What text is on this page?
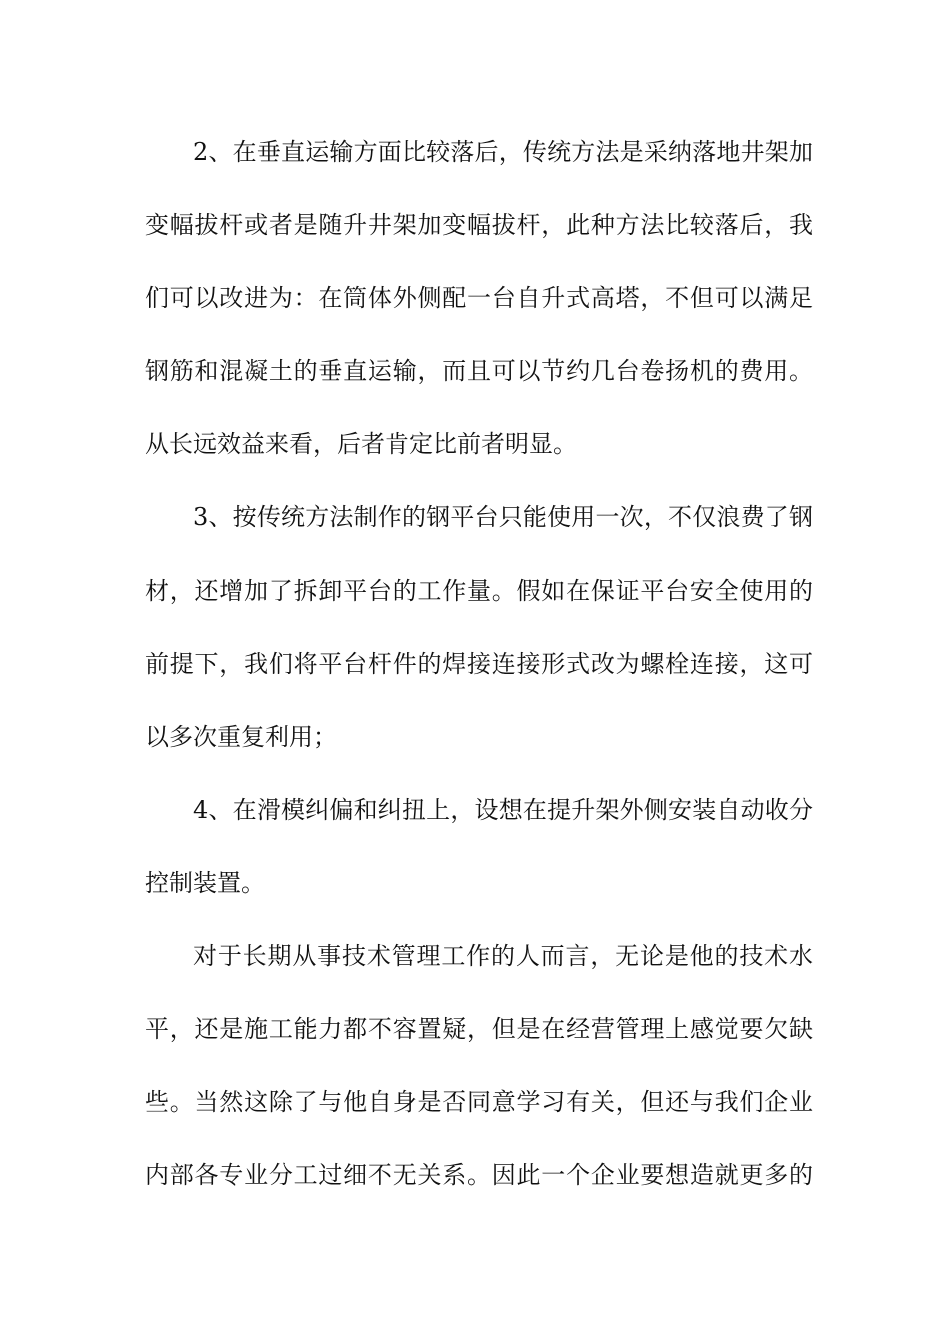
2、在垂直运输方面比较落后，传统方法是采纳落地井架加
变幅拔杆或者是随升井架加变幅拔杆，此种方法比较落后，我
们可以改进为：在筒体外侧配一台自升式高塔，不但可以满足
钢筋和混凝土的垂直运输，而且可以节约几台卷扬机的费用。
从长远效益来看，后者肯定比前者明显。
3、按传统方法制作的钢平台只能使用一次，不仅浪费了钢
材，还增加了拆卸平台的工作量。假如在保证平台安全使用的
前提下，我们将平台杆件的焊接连接形式改为螺栓连接，这可
以多次重复利用；
4、在滑模纠偏和纠扭上，设想在提升架外侧安装自动收分
控制装置。
对于长期从事技术管理工作的人而言，无论是他的技术水
平，还是施工能力都不容置疑，但是在经营管理上感觉要欠缺
些。当然这除了与他自身是否同意学习有关，但还与我们企业
内部各专业分工过细不无关系。因此一个企业要想造就更多的
